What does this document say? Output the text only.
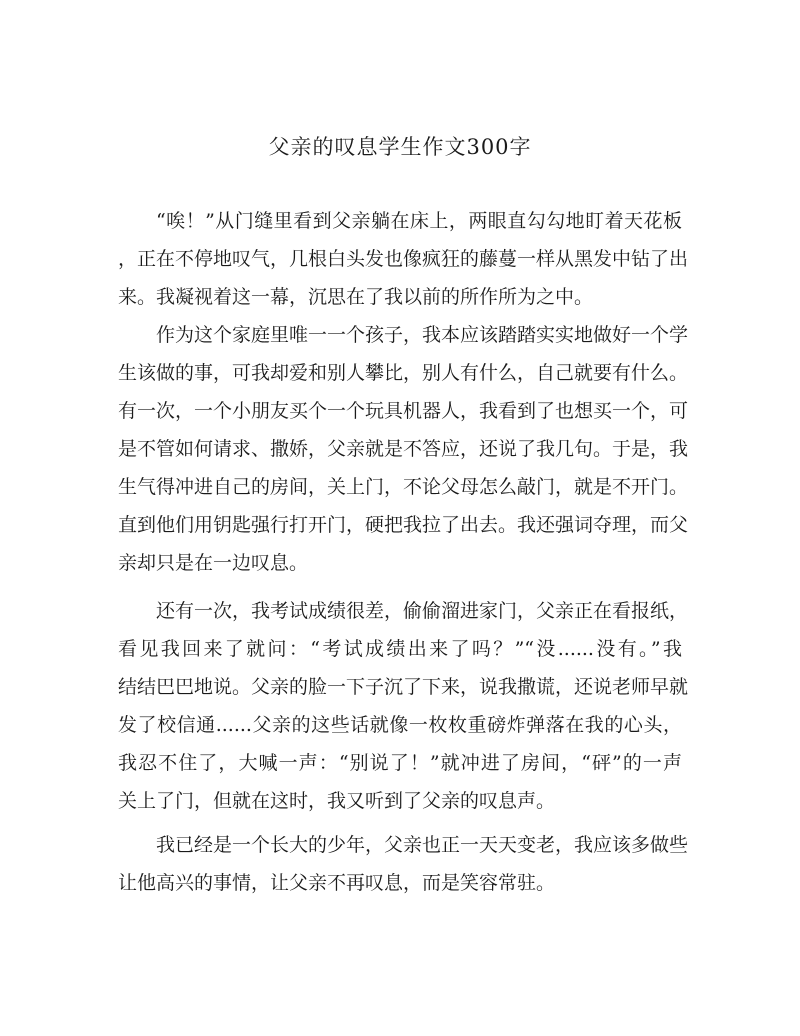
父亲的叹息学生作文300字
“唉！”从门缝里看到父亲躺在床上，两眼直勾勾地盯着天花板
，正在不停地叹气，几根白头发也像疯狂的藤蔓一样从黑发中钻了出
来。我凝视着这一幕，沉思在了我以前的所作所为之中。
作为这个家庭里唯一一个孩子，我本应该踏踏实实地做好一个学
生该做的事，可我却爱和别人攀比，别人有什么，自己就要有什么。
有一次，一个小朋友买个一个玩具机器人，我看到了也想买一个，可
是不管如何请求、撒娇，父亲就是不答应，还说了我几句。于是，我
生气得冲进自己的房间，关上门，不论父母怎么敲门，就是不开门。
直到他们用钥匙强行打开门，硬把我拉了出去。我还强词夺理，而父
亲却只是在一边叹息。
还有一次，我考试成绩很差，偷偷溜进家门，父亲正在看报纸，
看见我回来了就问：“考试成绩出来了吗？”“没......没有。”我
结结巴巴地说。父亲的脸一下子沉了下来，说我撒谎，还说老师早就
发了校信通......父亲的这些话就像一枚枚重磅炸弹落在我的心头，
我忍不住了，大喊一声：“别说了！”就冲进了房间，“砰”的一声
关上了门，但就在这时，我又听到了父亲的叹息声。
我已经是一个长大的少年，父亲也正一天天变老，我应该多做些
让他高兴的事情，让父亲不再叹息，而是笑容常驻。
